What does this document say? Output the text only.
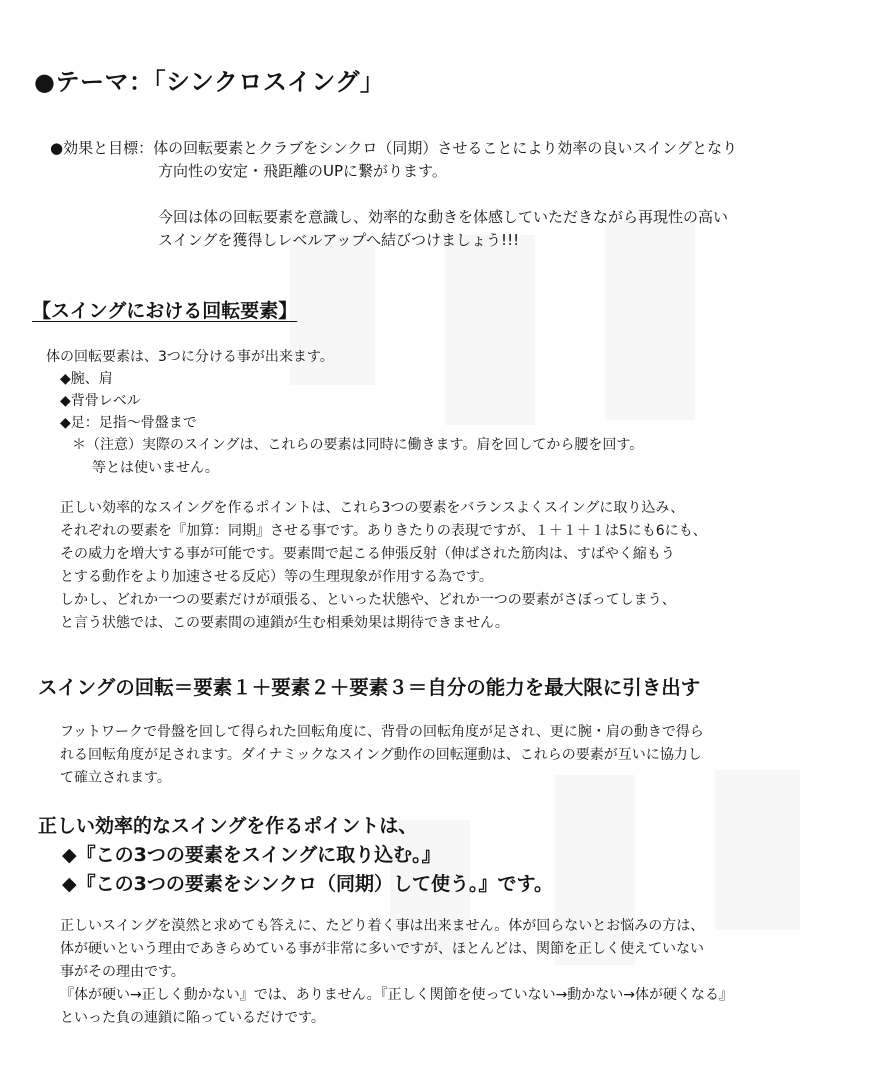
●テーマ：「シンクロスイング」
●効果と目標：体の回転要素とクラブをシンクロ（同期）させることにより効率の良いスイングとなり
方向性の安定・飛距離のUPに繋がります。
今回は体の回転要素を意識し、効率的な動きを体感していただきながら再現性の高い
スイングを獲得しレベルアップへ結びつけましょう!!!
【スイングにおける回転要素】
体の回転要素は、3つに分ける事が出来ます。
◆腕、肩
◆背骨レベル
◆足：足指～骨盤まで
＊（注意）実際のスイングは、これらの要素は同時に働きます。肩を回してから腰を回す。
等とは使いません。
正しい効率的なスイングを作るポイントは、これら3つの要素をバランスよくスイングに取り込み、
それぞれの要素を『加算：同期』させる事です。ありきたりの表現ですが、１＋１＋１は5にも6にも、
その威力を増大する事が可能です。要素間で起こる伸張反射（伸ばされた筋肉は、すばやく縮もう
とする動作をより加速させる反応）等の生理現象が作用する為です。
しかし、どれか一つの要素だけが頑張る、といった状態や、どれか一つの要素がさぼってしまう、
と言う状態では、この要素間の連鎖が生む相乗効果は期待できません。
スイングの回転＝要素１＋要素２＋要素３＝自分の能力を最大限に引き出す
フットワークで骨盤を回して得られた回転角度に、背骨の回転角度が足され、更に腕・肩の動きで得ら
れる回転角度が足されます。ダイナミックなスイング動作の回転運動は、これらの要素が互いに協力し
て確立されます。
正しい効率的なスイングを作るポイントは、
◆『この3つの要素をスイングに取り込む。』
◆『この3つの要素をシンクロ（同期）して使う。』です。
正しいスイングを漠然と求めても答えに、たどり着く事は出来ません。体が回らないとお悩みの方は、
体が硬いという理由であきらめている事が非常に多いですが、ほとんどは、関節を正しく使えていない
事がその理由です。
『体が硬い→正しく動かない』では、ありません。『正しく関節を使っていない→動かない→体が硬くなる』
といった負の連鎖に陥っているだけです。
